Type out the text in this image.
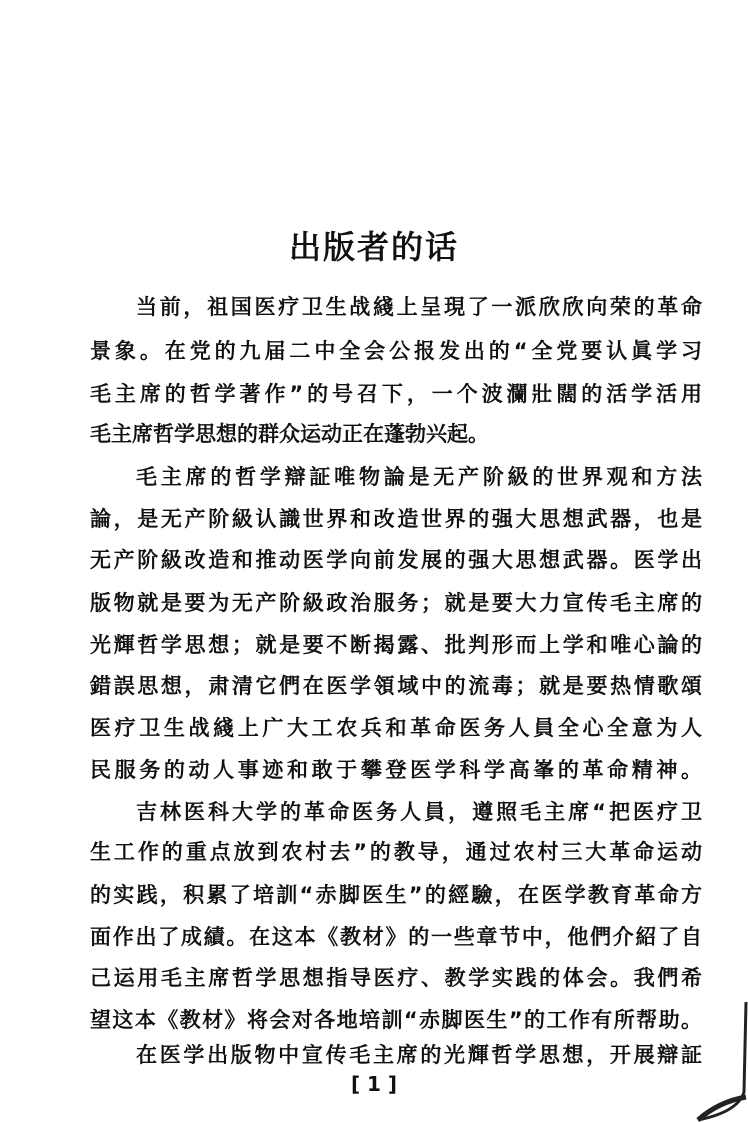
出版者的话
当前，祖国医疗卫生战綫上呈現了一派欣欣向荣的革命
景象。在党的九届二中全会公报发出的“全党要认眞学习
毛主席的哲学著作”的号召下，一个波瀾壯闊的活学活用
毛主席哲学思想的群众运动正在蓬勃兴起。
毛主席的哲学辯証唯物論是无产阶級的世界观和方法
論，是无产阶級认識世界和改造世界的强大思想武器，也是
无产阶級改造和推动医学向前发展的强大思想武器。医学出
版物就是要为无产阶級政治服务；就是要大力宣传毛主席的
光輝哲学思想；就是要不断揭露、批判形而上学和唯心論的
錯誤思想，肃清它們在医学領域中的流毒；就是要热情歌頌
医疗卫生战綫上广大工农兵和革命医务人員全心全意为人
民服务的动人事迹和敢于攀登医学科学高峯的革命精神。
吉林医科大学的革命医务人員，遵照毛主席“把医疗卫
生工作的重点放到农村去”的教导，通过农村三大革命运动
的实践，积累了培訓“赤脚医生”的經驗，在医学教育革命方
面作出了成績。在这本《教材》的一些章节中，他們介紹了自
己运用毛主席哲学思想指导医疗、教学实践的体会。我們希
望这本《教材》将会对各地培訓“赤脚医生”的工作有所帮助。
在医学出版物中宣传毛主席的光輝哲学思想，开展辯証
[ 1 ]
